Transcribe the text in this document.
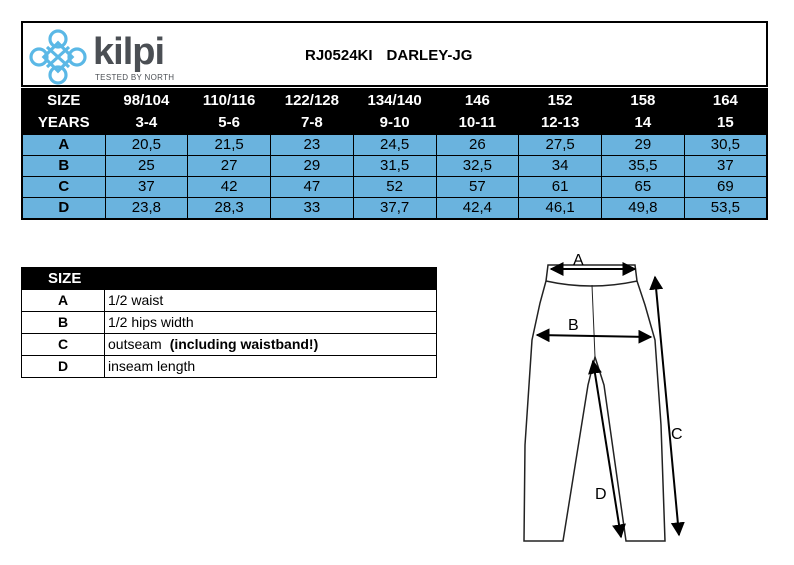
kilpi
TESTED BY NORTH
RJ0524KI DARLEY-JG
SIZE	98/104	110/116	122/128	134/140	146	152	158	164
YEARS	3-4	5-6	7-8	9-10	10-11	12-13	14	15
A	20,5	21,5	23	24,5	26	27,5	29	30,5
B	25	27	29	31,5	32,5	34	35,5	37
C	37	42	47	52	57	61	65	69
D	23,8	28,3	33	37,7	42,4	46,1	49,8	53,5
SIZE	
A	1/2 waist
B	1/2 hips width
C	outseam (including waistband!)
D	inseam length
A
B
C
D
